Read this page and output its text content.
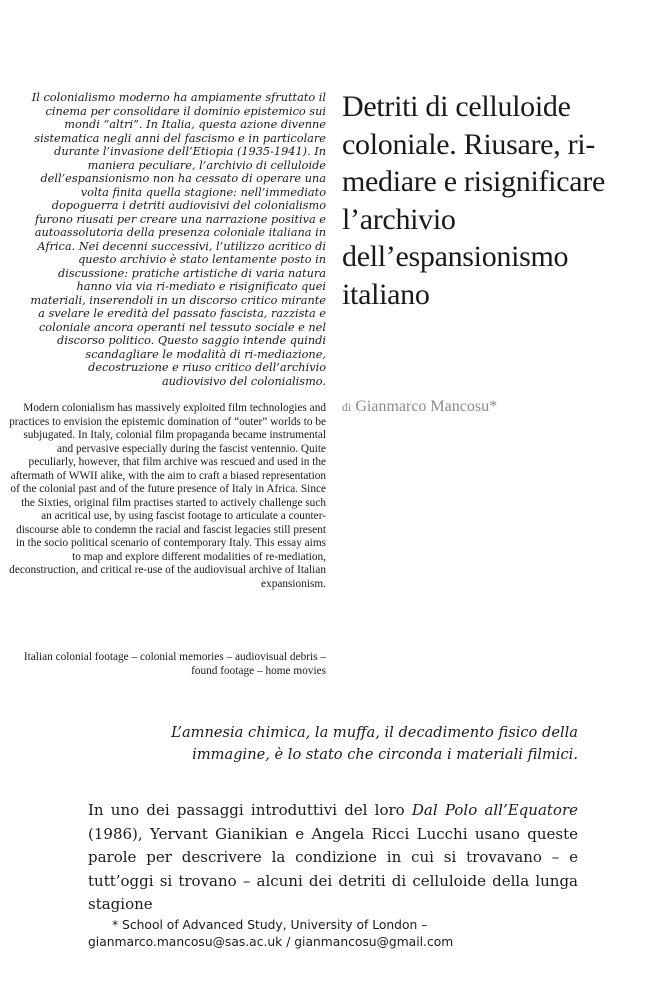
Il colonialismo moderno ha ampiamente sfruttato il cinema per consolidare il dominio epistemico sui mondi “altri”. In Italia, questa azione divenne sistematica negli anni del fascismo e in particolare durante l’invasione dell’Etiopia (1935-1941). In maniera peculiare, l’archivio di celluloide dell’espansionismo non ha cessato di operare una volta finita quella stagione: nell’immediato dopoguerra i detriti audiovisivi del colonialismo furono riusati per creare una narrazione positiva e autoassolutoria della presenza coloniale italiana in Africa. Nei decenni successivi, l’utilizzo acritico di questo archivio è stato lentamente posto in discussione: pratiche artistiche di varia natura hanno via via ri-mediato e risignificato quei materiali, inserendoli in un discorso critico mirante a svelare le eredità del passato fascista, razzista e coloniale ancora operanti nel tessuto sociale e nel discorso politico. Questo saggio intende quindi scandagliare le modalità di ri-mediazione, decostruzione e riuso critico dell’archivio audiovisivo del colonialismo.

Modern colonialism has massively exploited film technologies and practices to envision the epistemic domination of “outer” worlds to be subjugated. In Italy, colonial film propaganda became instrumental and pervasive especially during the fascist ventennio. Quite peculiarly, however, that film archive was rescued and used in the aftermath of WWII alike, with the aim to craft a biased representation of the colonial past and of the future presence of Italy in Africa. Since the Sixties, original film practises started to actively challenge such an acritical use, by using fascist footage to articulate a counter-discourse able to condemn the racial and fascist legacies still present in the socio political scenario of contemporary Italy. This essay aims to map and explore different modalities of re-mediation, deconstruction, and critical re-use of the audiovisual archive of Italian expansionism.

Italian colonial footage – colonial memories – audiovisual debris – found footage – home movies

Detriti di celluloide coloniale. Riusare, ri-mediare e risignificare l’archivio dell’espansionismo italiano

di Gianmarco Mancosu*

L’amnesia chimica, la muffa, il decadimento fisico della immagine, è lo stato che circonda i materiali filmici.

In uno dei passaggi introduttivi del loro Dal Polo all’Equatore (1986), Yervant Gianikian e Angela Ricci Lucchi usano queste parole per descrivere la condizione in cui si trovavano – e tutt’oggi si trovano – alcuni dei detriti di celluloide della lunga stagione

* School of Advanced Study, University of London – gianmarco.mancosu@sas.ac.uk / gianmancosu@gmail.com
